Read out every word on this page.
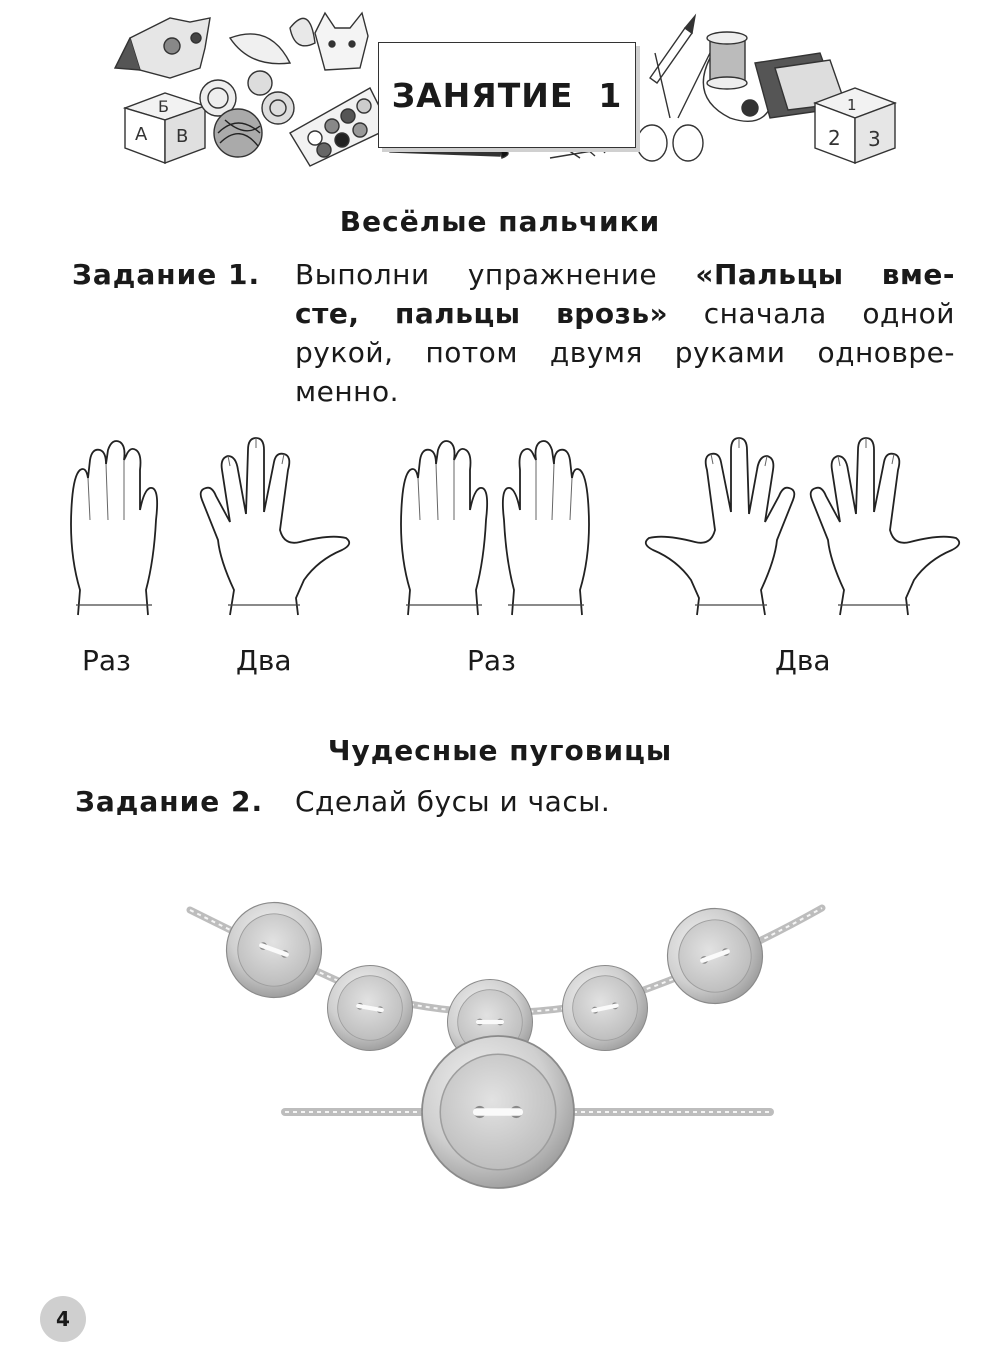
Б
А В
1
2 3
ЗАНЯТИЕ  1
Весёлые пальчики
Задание 1. Выполни упражнение «Пальцы вме-
сте, пальцы врозь» сначала одной
рукой, потом двумя руками одновре-
менно.
Раз	Два	Раз	Два
Чудесные пуговицы
Задание 2. Сделай бусы и часы.
4
